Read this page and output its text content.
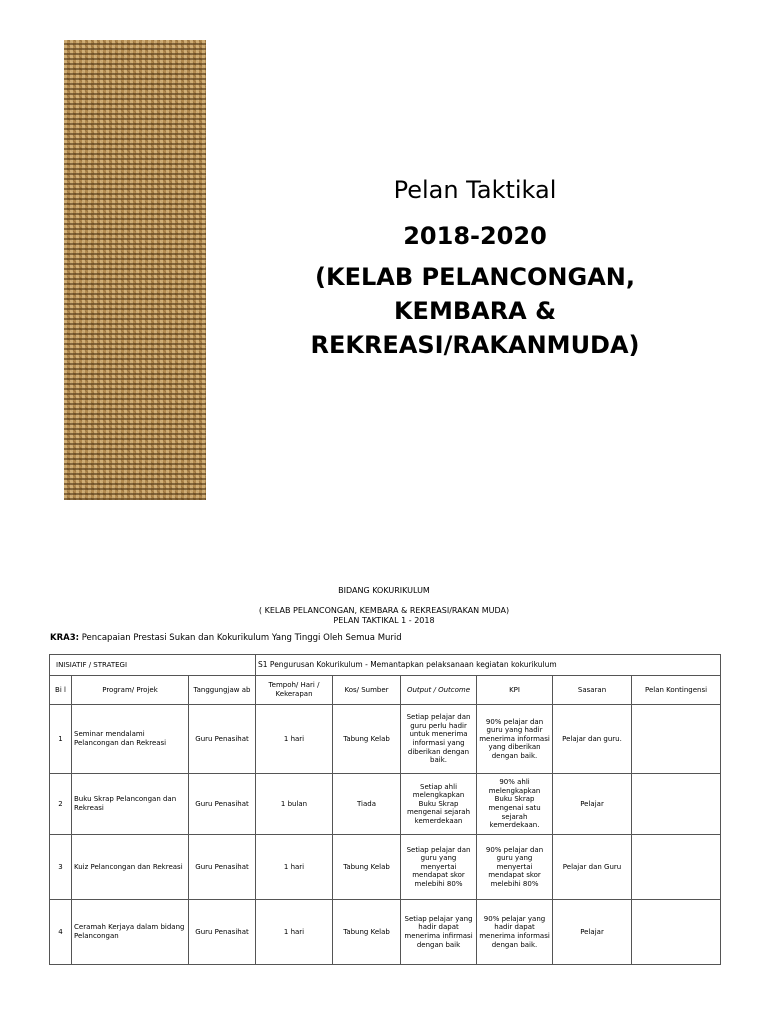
Pelan Taktikal
2018-2020
(KELAB PELANCONGAN, KEMBARA & REKREASI/RAKANMUDA)
BIDANG KOKURIKULUM
( KELAB PELANCONGAN, KEMBARA & REKREASI/RAKAN MUDA)
PELAN TAKTIKAL 1 - 2018
KRA3: Pencapaian Prestasi Sukan dan Kokurikulum Yang Tinggi Oleh Semua Murid
INISIATIF / STRATEGI			S1 Pengurusan Kokurikulum - Memantapkan pelaksanaan kegiatan kokurikulum					
Bi l	Program/ Projek	Tanggungjaw ab	Tempoh/ Hari / Kekerapan	Kos/ Sumber	Output / Outcome	KPI	Sasaran	Pelan Kontingensi
1	Seminar mendalami Pelancongan dan Rekreasi	Guru Penasihat	1 hari	Tabung Kelab	Setiap pelajar dan guru perlu hadir untuk menerima informasi yang diberikan dengan baik.	90% pelajar dan guru yang hadir menerima informasi yang diberikan dengan baik.	Pelajar dan guru.	
2	Buku Skrap Pelancongan dan Rekreasi	Guru Penasihat	1 bulan	Tiada	Setiap ahli melengkapkan Buku Skrap mengenai sejarah kemerdekaan	90% ahli melengkapkan Buku Skrap mengenai satu sejarah kemerdekaan.	Pelajar	
3	Kuiz Pelancongan dan Rekreasi	Guru Penasihat	1 hari	Tabung Kelab	Setiap pelajar dan guru yang menyertai mendapat skor melebihi 80%	90% pelajar dan guru yang menyertai mendapat skor melebihi 80%	Pelajar dan Guru	
4	Ceramah Kerjaya dalam bidang Pelancongan	Guru Penasihat	1 hari	Tabung Kelab	Setiap pelajar yang hadir dapat menerima infirmasi dengan baik	90% pelajar yang hadir dapat menerima informasi dengan baik.	Pelajar	
